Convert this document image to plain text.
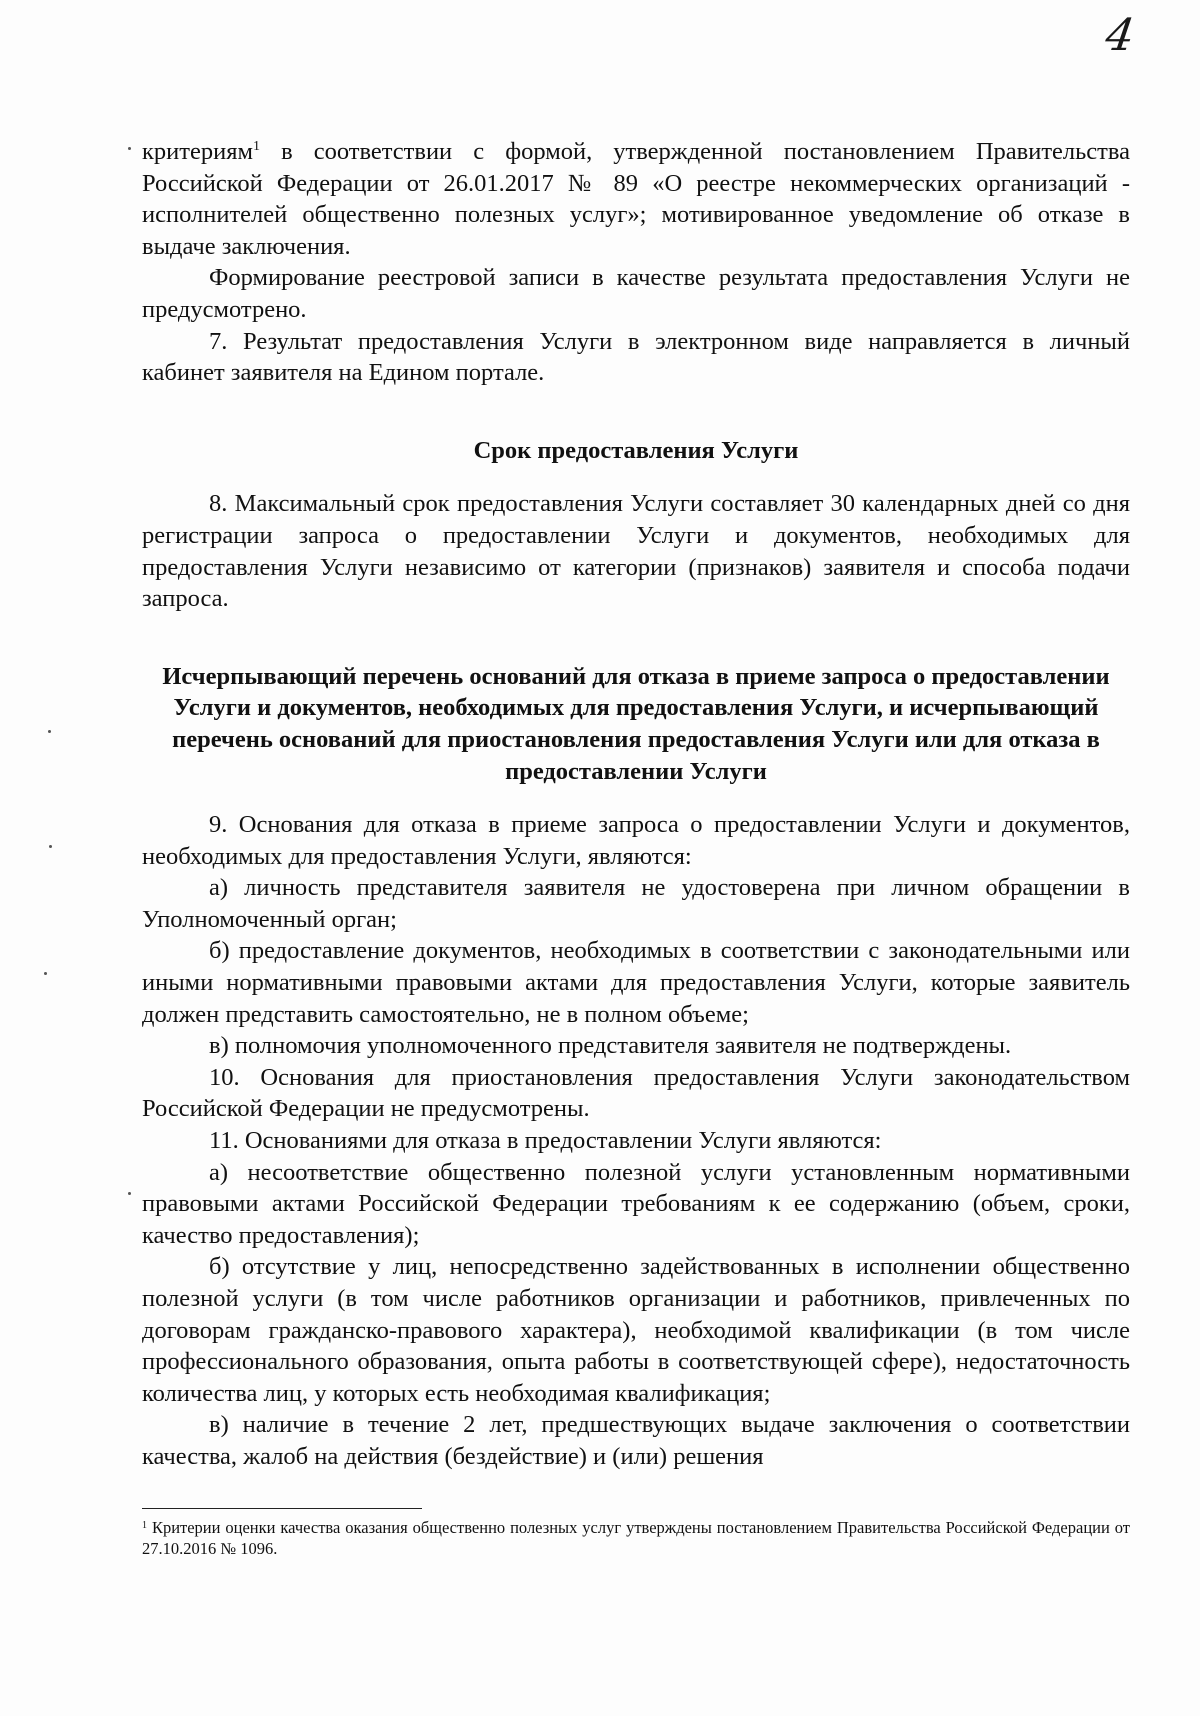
4

критериям$^1$ в соответствии с формой, утвержденной постановлением Правительства Российской Федерации от 26.01.2017 № 89 «О реестре некоммерческих организаций - исполнителей общественно полезных услуг»; мотивированное уведомление об отказе в выдаче заключения.

Формирование реестровой записи в качестве результата предоставления Услуги не предусмотрено.

7. Результат предоставления Услуги в электронном виде направляется в личный кабинет заявителя на Едином портале.

Срок предоставления Услуги

8. Максимальный срок предоставления Услуги составляет 30 календарных дней со дня регистрации запроса о предоставлении Услуги и документов, необходимых для предоставления Услуги независимо от категории (признаков) заявителя и способа подачи запроса.

Исчерпывающий перечень оснований для отказа в приеме запроса о предоставлении Услуги и документов, необходимых для предоставления Услуги, и исчерпывающий перечень оснований для приостановления предоставления Услуги или для отказа в предоставлении Услуги

9. Основания для отказа в приеме запроса о предоставлении Услуги и документов, необходимых для предоставления Услуги, являются:

а) личность представителя заявителя не удостоверена при личном обращении в Уполномоченный орган;

б) предоставление документов, необходимых в соответствии с законодательными или иными нормативными правовыми актами для предоставления Услуги, которые заявитель должен представить самостоятельно, не в полном объеме;

в) полномочия уполномоченного представителя заявителя не подтверждены.

10. Основания для приостановления предоставления Услуги законодательством Российской Федерации не предусмотрены.

11. Основаниями для отказа в предоставлении Услуги являются:

а) несоответствие общественно полезной услуги установленным нормативными правовыми актами Российской Федерации требованиям к ее содержанию (объем, сроки, качество предоставления);

б) отсутствие у лиц, непосредственно задействованных в исполнении общественно полезной услуги (в том числе работников организации и работников, привлеченных по договорам гражданско-правового характера), необходимой квалификации (в том числе профессионального образования, опыта работы в соответствующей сфере), недостаточность количества лиц, у которых есть необходимая квалификация;

в) наличие в течение 2 лет, предшествующих выдаче заключения о соответствии качества, жалоб на действия (бездействие) и (или) решения

$^1$ Критерии оценки качества оказания общественно полезных услуг утверждены постановлением Правительства Российской Федерации от 27.10.2016 № 1096.
